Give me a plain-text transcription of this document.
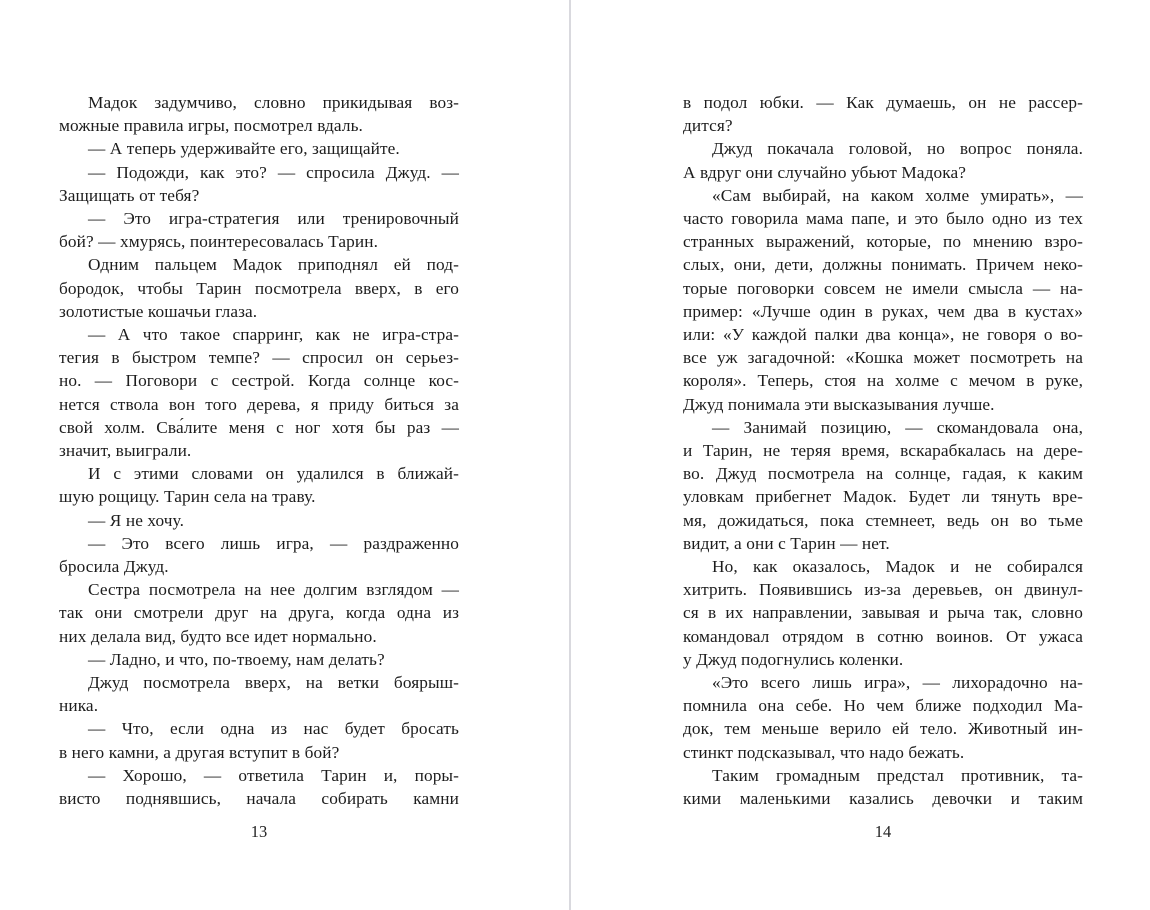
Мадок задумчиво, словно прикидывая воз-
можные правила игры, посмотрел вдаль.
— А теперь удерживайте его, защищайте.
— Подожди, как это? — спросила Джуд. —
Защищать от тебя?
— Это игра-стратегия или тренировочный
бой? — хмурясь, поинтересовалась Тарин.
Одним пальцем Мадок приподнял ей под-
бородок, чтобы Тарин посмотрела вверх, в его
золотистые кошачьи глаза.
— А что такое спарринг, как не игра-стра-
тегия в быстром темпе? — спросил он серьез-
но. — Поговори с сестрой. Когда солнце кос-
нется ствола вон того дерева, я приду биться за
свой холм. Сва́лите меня с ног хотя бы раз —
значит, выиграли.
И с этими словами он удалился в ближай-
шую рощицу. Тарин села на траву.
— Я не хочу.
— Это всего лишь игра, — раздраженно
бросила Джуд.
Сестра посмотрела на нее долгим взглядом —
так они смотрели друг на друга, когда одна из
них делала вид, будто все идет нормально.
— Ладно, и что, по-твоему, нам делать?
Джуд посмотрела вверх, на ветки боярыш-
ника.
— Что, если одна из нас будет бросать
в него камни, а другая вступит в бой?
— Хорошо, — ответила Тарин и, поры-
висто поднявшись, начала собирать камни
13
в подол юбки. — Как думаешь, он не рассер-
дится?
Джуд покачала головой, но вопрос поняла.
А вдруг они случайно убьют Мадока?
«Сам выбирай, на каком холме умирать», —
часто говорила мама папе, и это было одно из тех
странных выражений, которые, по мнению взро-
слых, они, дети, должны понимать. Причем неко-
торые поговорки совсем не имели смысла — на-
пример: «Лучше один в руках, чем два в кустах»
или: «У каждой палки два конца», не говоря о во-
все уж загадочной: «Кошка может посмотреть на
короля». Теперь, стоя на холме с мечом в руке,
Джуд понимала эти высказывания лучше.
— Занимай позицию, — скомандовала она,
и Тарин, не теряя время, вскарабкалась на дере-
во. Джуд посмотрела на солнце, гадая, к каким
уловкам прибегнет Мадок. Будет ли тянуть вре-
мя, дожидаться, пока стемнеет, ведь он во тьме
видит, а они с Тарин — нет.
Но, как оказалось, Мадок и не собирался
хитрить. Появившись из-за деревьев, он двинул-
ся в их направлении, завывая и рыча так, словно
командовал отрядом в сотню воинов. От ужаса
у Джуд подогнулись коленки.
«Это всего лишь игра», — лихорадочно на-
помнила она себе. Но чем ближе подходил Ма-
док, тем меньше верило ей тело. Животный ин-
стинкт подсказывал, что надо бежать.
Таким громадным предстал противник, та-
кими маленькими казались девочки и таким
14
